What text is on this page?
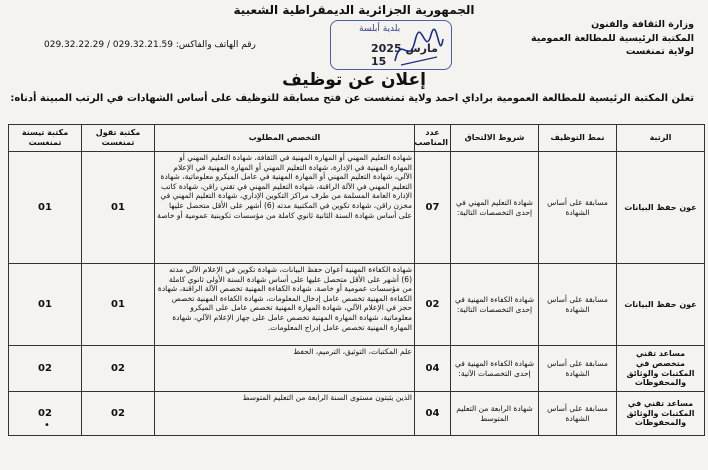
الجمهورية الجزائرية الديمقراطية الشعبية
وزارة الثقافة والفنون
المكتبة الرئيسية للمطالعة العمومية
لولاية تمنغست
رقم الهاتف والفاكس: 029.32.21.59 / 029.32.22.29
بلدية أبلسة
2025 مارس 15
إعلان عن توظيف
تعلن المكتبة الرئيسية للمطالعة العمومية براداي احمد ولاية تمنغست عن فتح مسابقة للتوظيف على أساس الشهادات في الرتب المبينة أدناه:
الرتبة	نمط التوظيف	شروط الالتحاق	عدد المناصب	التخصص المطلوب	مكتبة تقول تمنغست	مكتبة تيسنة تمنغست
عون حفظ البيانات	مسابقة على أساس الشهادة	شهادة التعليم المهني في إحدى التخصصات التالية:	07	شهادة التعليم المهني أو المهارة المهنية في الثقافة، شهادة التعليم المهني أو المهارة المهنية في الإدارة، شهادة التعليم المهني أو المهارة المهنية في الإعلام الآلي، شهادة التعليم المهني أو المهارة المهنية في عامل الميكرو معلوماتية، شهادة التعليم المهني في الآلة الراقنة، شهادة التعليم المهني في تقني راقن، شهادة كاتب الإدارة العامة المسلمة من طرف مراكز التكوين الإداري، شهادة التعليم المهني في مخزن راقن، شهادة تكوين في المكتبية مدته (6) أشهر على الأقل متحصل عليها على أساس شهادة السنة الثانية ثانوي كاملة من مؤسسات تكوينية عمومية أو خاصة	01	01
عون حفظ البيانات	مسابقة على أساس الشهادة	شهادة الكفاءة المهنية في إحدى التخصصات التالية:	02	شهادة الكفاءة المهنية أعوان حفظ البيانات، شهادة تكوين في الإعلام الآلي مدته (6) أشهر على الأقل متحصل عليها على أساس شهادة السنة الأولى ثانوي كاملة من مؤسسات عمومية أو خاصة، شهادة الكفاءة المهنية تخصص الآلة الراقنة، شهادة الكفاءة المهنية تخصص عامل إدخال المعلومات، شهادة الكفاءة المهنية تخصص حجز في الإعلام الآلي، شهادة المهارة المهنية تخصص عامل على الميكرو معلوماتية، شهادة المهارة المهنية تخصص عامل على جهاز الإعلام الآلي، شهادة المهارة المهنية تخصص عامل إدراج المعلومات.	01	01
مساعد تقني متخصص في المكتبات والوثائق والمحفوظات	مسابقة على أساس الشهادة	شهادة الكفاءة المهنية في إحدى التخصصات الآتية:	04	علم المكتبات، التوثيق، الترميم، الحفظ	02	02
مساعد تقني في المكتبات والوثائق والمحفوظات	مسابقة على أساس الشهادة	شهادة الرابعة من التعليم المتوسط	04	الذين يثبتون مستوى السنة الرابعة من التعليم المتوسط	02	02
•
